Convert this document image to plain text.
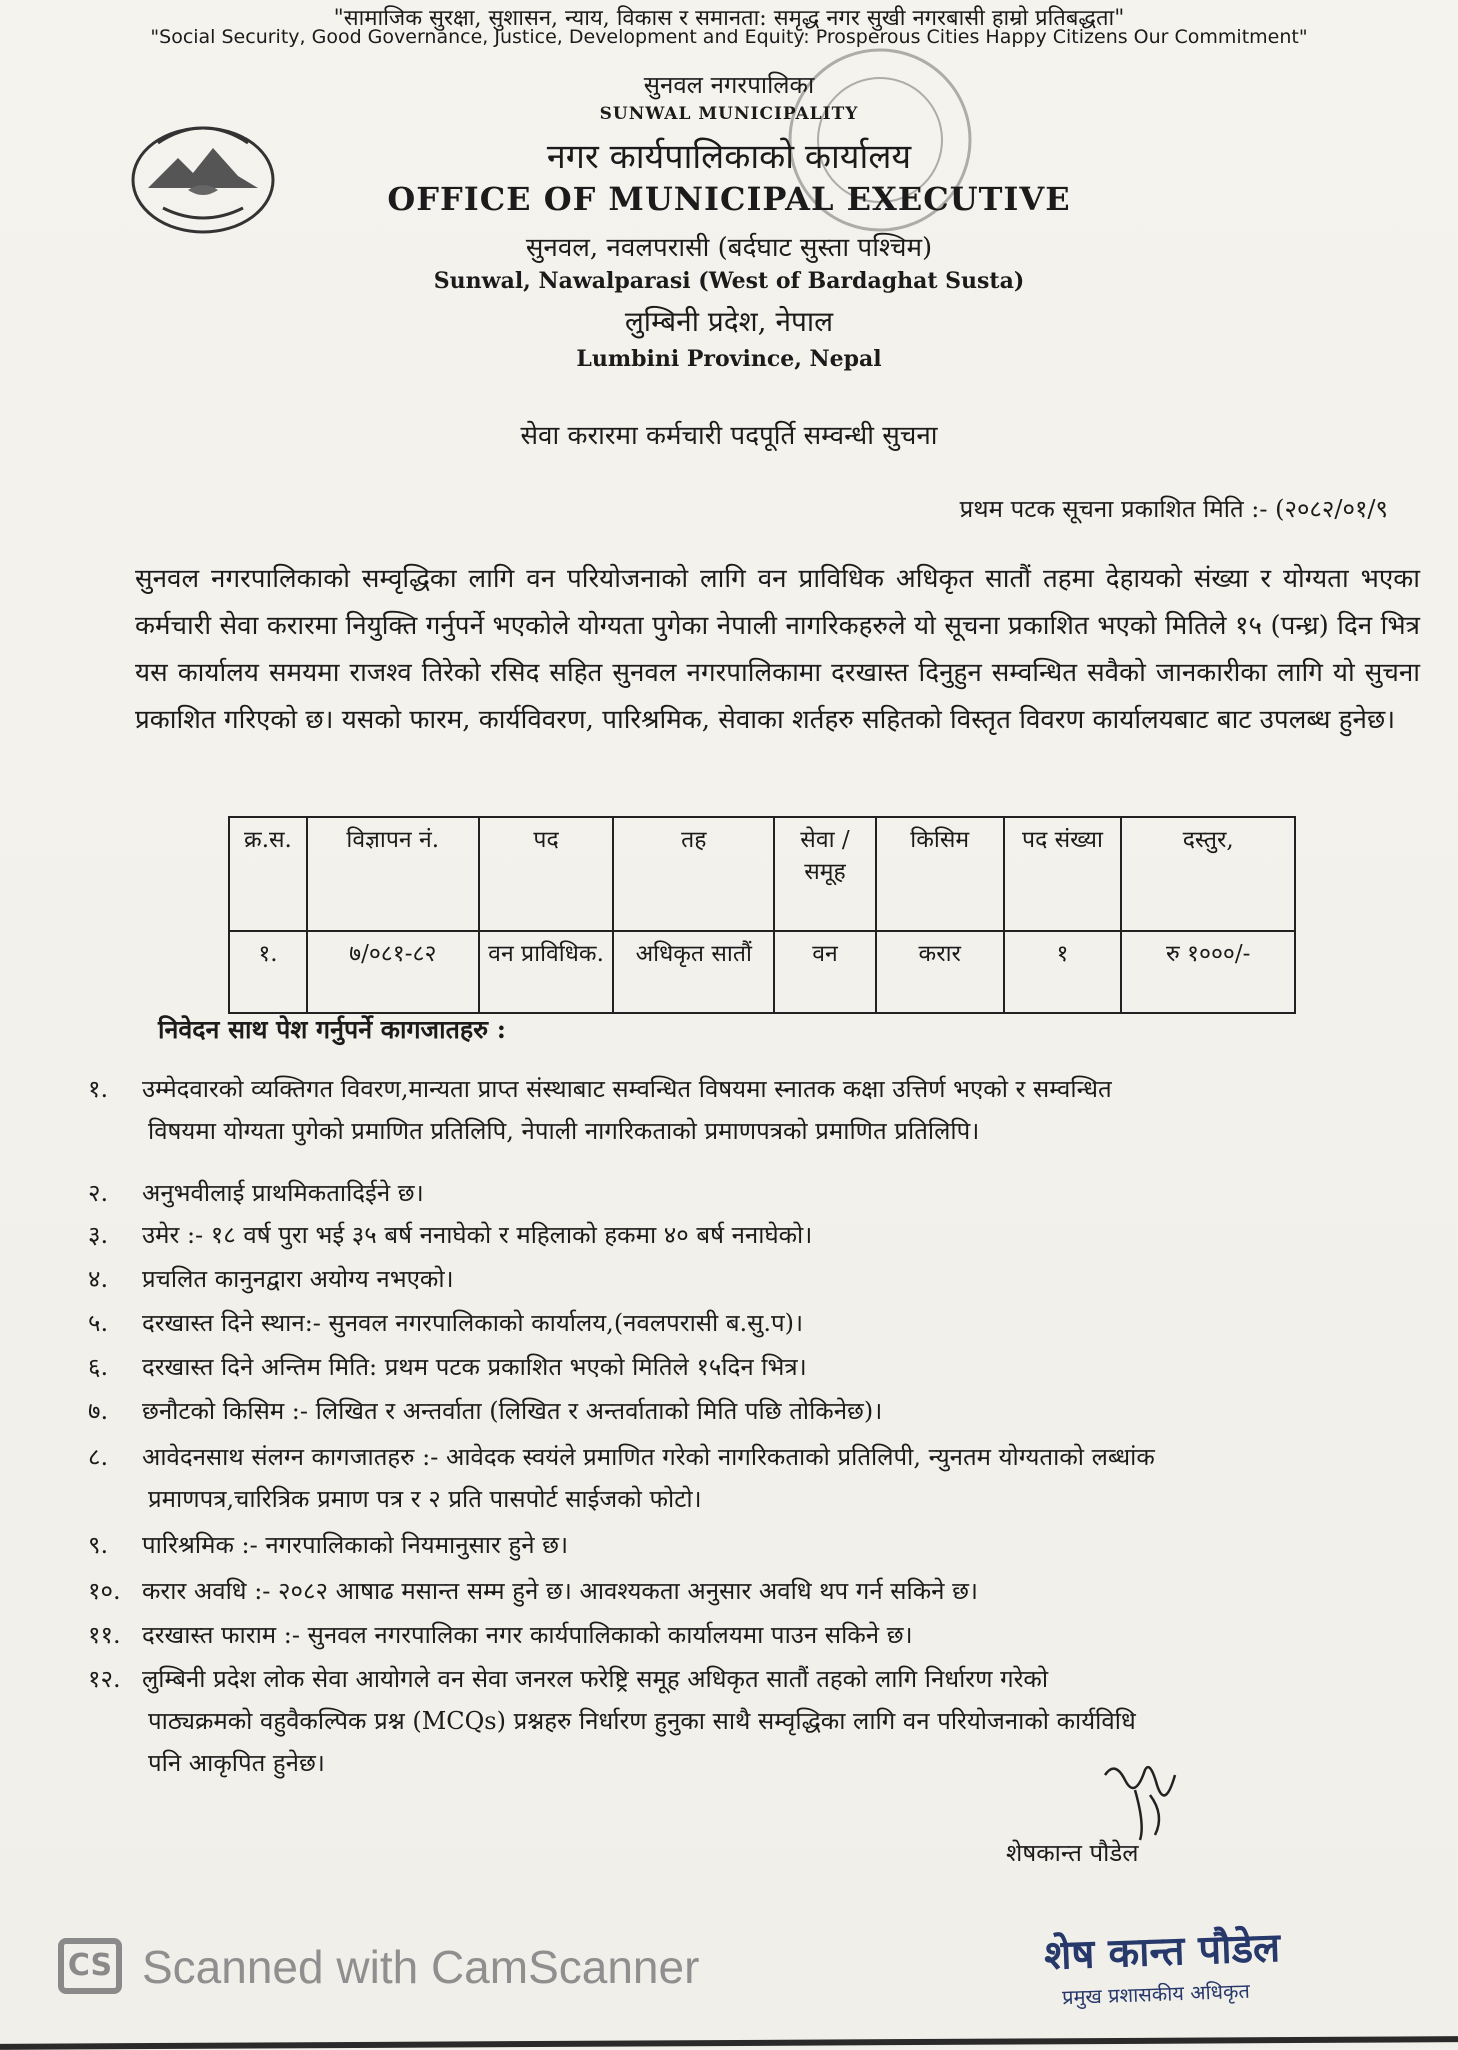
"सामाजिक सुरक्षा, सुशासन, न्याय, विकास र समानता: समृद्ध नगर सुखी नगरबासी हाम्रो प्रतिबद्धता"
"Social Security, Good Governance, Justice, Development and Equity: Prosperous Cities Happy Citizens Our Commitment"
सुनवल नगरपालिका
SUNWAL MUNICIPALITY
नगर कार्यपालिकाको कार्यालय
OFFICE OF MUNICIPAL EXECUTIVE
सुनवल, नवलपरासी (बर्दघाट सुस्ता पश्चिम)
Sunwal, Nawalparasi (West of Bardaghat Susta)
लुम्बिनी प्रदेश, नेपाल
Lumbini Province, Nepal
सेवा करारमा कर्मचारी पदपूर्ति सम्वन्धी सुचना
प्रथम पटक सूचना प्रकाशित मिति :- (२०८२/०१/९
सुनवल नगरपालिकाको सम्वृद्धिका लागि वन परियोजनाको लागि वन प्राविधिक अधिकृत सातौं तहमा देहायको संख्या र योग्यता भएका कर्मचारी सेवा करारमा नियुक्ति गर्नुपर्ने भएकोले योग्यता पुगेका नेपाली नागरिकहरुले यो सूचना प्रकाशित भएको मितिले १५ (पन्ध्र) दिन भित्र यस कार्यालय समयमा राजश्व तिरेको रसिद सहित सुनवल नगरपालिकामा दरखास्त दिनुहुन सम्वन्धित सवैको जानकारीका लागि यो सुचना प्रकाशित गरिएको छ। यसको फारम, कार्यविवरण, पारिश्रमिक, सेवाका शर्तहरु सहितको विस्तृत विवरण कार्यालयबाट बाट उपलब्ध हुनेछ।
क्र.स.	विज्ञापन नं.	पद	तह	सेवा / समूह	किसिम	पद संख्या	दस्तुर,
१.	७/०८१-८२	वन प्राविधिक.	अधिकृत सातौं	वन	करार	१	रु १०००/-
निवेदन साथ पेश गर्नुपर्ने कागजातहरु :
१. उम्मेदवारको व्यक्तिगत विवरण,मान्यता प्राप्त संस्थाबाट सम्वन्धित विषयमा स्नातक कक्षा उत्तिर्ण भएको र सम्वन्धित
विषयमा योग्यता पुगेको प्रमाणित प्रतिलिपि, नेपाली नागरिकताको प्रमाणपत्रको प्रमाणित प्रतिलिपि।
२. अनुभवीलाई प्राथमिकतादिईने छ।
३. उमेर :- १८ वर्ष पुरा भई ३५ बर्ष ननाघेको र महिलाको हकमा ४० बर्ष ननाघेको।
४. प्रचलित कानुनद्वारा अयोग्य नभएको।
५. दरखास्त दिने स्थान:- सुनवल नगरपालिकाको कार्यालय,(नवलपरासी ब.सु.प)।
६. दरखास्त दिने अन्तिम मिति: प्रथम पटक प्रकाशित भएको मितिले १५दिन भित्र।
७. छनौटको किसिम :- लिखित र अन्तर्वाता (लिखित र अन्तर्वाताको मिति पछि तोकिनेछ)।
८. आवेदनसाथ संलग्न कागजातहरु :- आवेदक स्वयंले प्रमाणित गरेको नागरिकताको प्रतिलिपी, न्युनतम योग्यताको लब्धांक
प्रमाणपत्र,चारित्रिक प्रमाण पत्र र २ प्रति पासपोर्ट साईजको फोटो।
९. पारिश्रमिक :- नगरपालिकाको नियमानुसार हुने छ।
१०. करार अवधि :- २०८२ आषाढ मसान्त सम्म हुने छ। आवश्यकता अनुसार अवधि थप गर्न सकिने छ।
११. दरखास्त फाराम :- सुनवल नगरपालिका नगर कार्यपालिकाको कार्यालयमा पाउन सकिने छ।
१२. लुम्बिनी प्रदेश लोक सेवा आयोगले वन सेवा जनरल फरेष्ट्रि समूह अधिकृत सातौं तहको लागि निर्धारण गरेको
पाठ्यक्रमको वहुवैकल्पिक प्रश्न (MCQs) प्रश्नहरु निर्धारण हुनुका साथै सम्वृद्धिका लागि वन परियोजनाको कार्यविधि
पनि आकृपित हुनेछ।
शेषकान्त पौडेल
शेष कान्त पौडेल
प्रमुख प्रशासकीय अधिकृत
CS Scanned with CamScanner
